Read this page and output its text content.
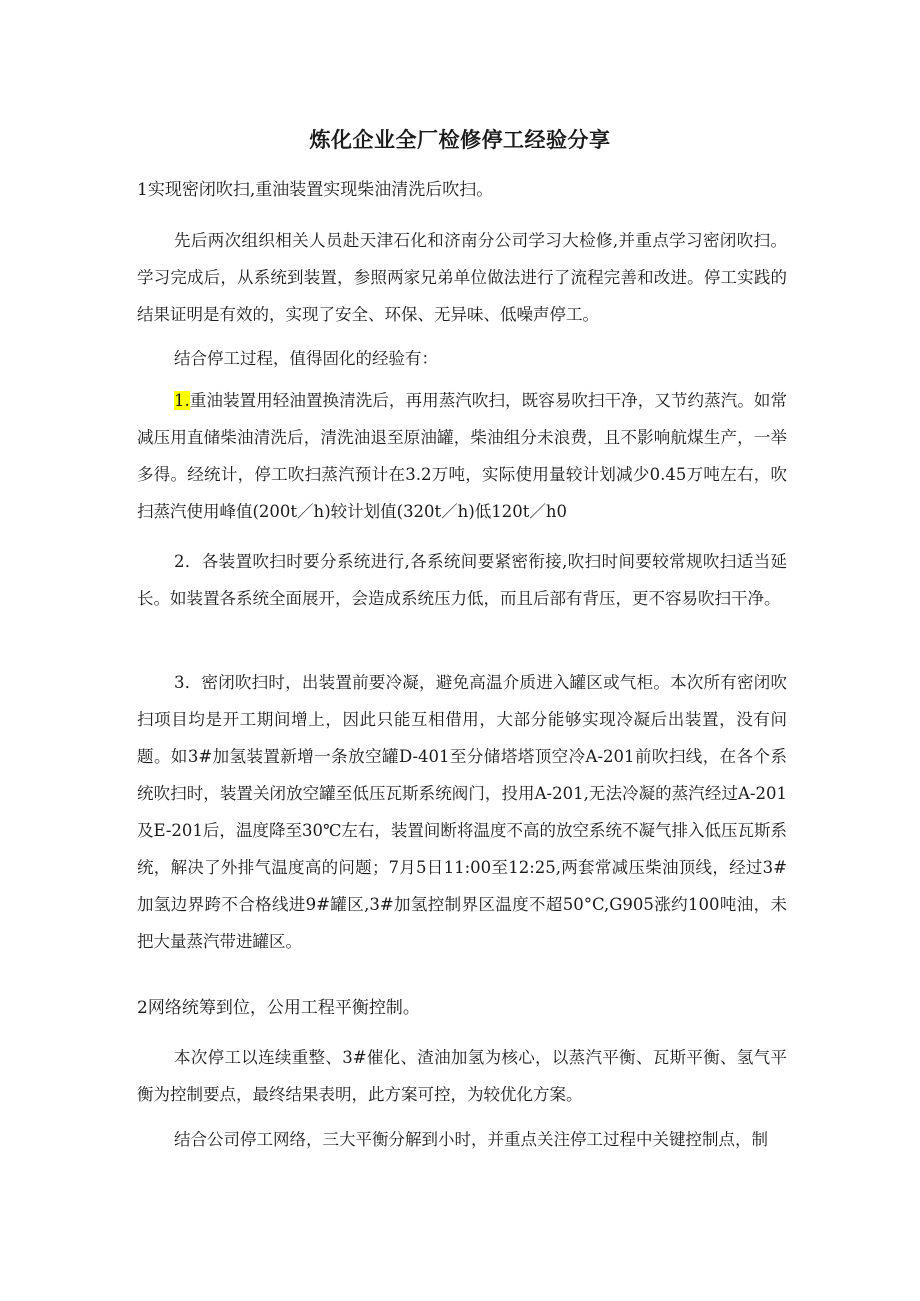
炼化企业全厂检修停工经验分享

1实现密闭吹扫,重油装置实现柴油清洗后吹扫。

先后两次组织相关人员赴天津石化和济南分公司学习大检修,并重点学习密闭吹扫。学习完成后，从系统到装置，参照两家兄弟单位做法进行了流程完善和改进。停工实践的结果证明是有效的，实现了安全、环保、无异味、低噪声停工。

结合停工过程，值得固化的经验有：

1.重油装置用轻油置换清洗后，再用蒸汽吹扫，既容易吹扫干净，又节约蒸汽。如常减压用直储柴油清洗后，清洗油退至原油罐，柴油组分未浪费，且不影响航煤生产，一举多得。经统计，停工吹扫蒸汽预计在3.2万吨，实际使用量较计划减少0.45万吨左右，吹扫蒸汽使用峰值(200t／h)较计划值(320t／h)低120t／h0

2．各装置吹扫时要分系统进行,各系统间要紧密衔接,吹扫时间要较常规吹扫适当延长。如装置各系统全面展开，会造成系统压力低，而且后部有背压，更不容易吹扫干净。

3．密闭吹扫时，出装置前要冷凝，避免高温介质进入罐区或气柜。本次所有密闭吹扫项目均是开工期间增上，因此只能互相借用，大部分能够实现冷凝后出装置，没有问题。如3#加氢装置新增一条放空罐D-401至分储塔塔顶空冷A-201前吹扫线，在各个系统吹扫时，装置关闭放空罐至低压瓦斯系统阀门，投用A-201,无法冷凝的蒸汽经过A-201及E-201后，温度降至30℃左右，装置间断将温度不高的放空系统不凝气排入低压瓦斯系统，解决了外排气温度高的问题；7月5日11:00至12:25,两套常减压柴油顶线，经过3#加氢边界跨不合格线进9#罐区,3#加氢控制界区温度不超50°C,G905涨约100吨油，未把大量蒸汽带进罐区。

2网络统筹到位，公用工程平衡控制。

本次停工以连续重整、3#催化、渣油加氢为核心，以蒸汽平衡、瓦斯平衡、氢气平衡为控制要点，最终结果表明，此方案可控，为较优化方案。

结合公司停工网络，三大平衡分解到小时，并重点关注停工过程中关键控制点，制
